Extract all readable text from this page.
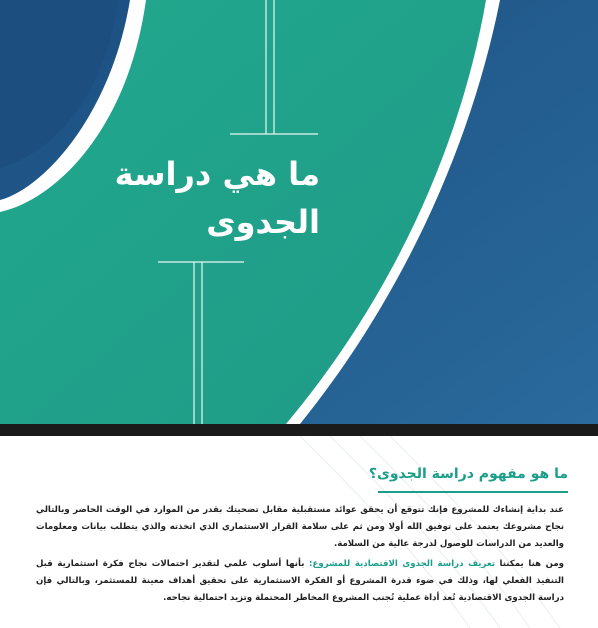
ما هي دراسة
الجدوى
ما هو مفهوم دراسة الجدوى؟

عند بداية إنشاءك للمشروع فإنك تتوقع أن يحقق عوائد مستقبلية مقابل تضحيتك بقدر من الموارد في الوقت الحاضر وبالتالي نجاح مشروعك يعتمد على توفيق الله أولا ومن ثم على سلامة القرار الاستثماري الذي اتخذته والذي يتطلب بيانات ومعلومات والعديد من الدراسات للوصول لدرجة عالية من السلامة.

ومن هنا يمكننا تعريف دراسة الجدوى الاقتصادية للمشروع: بأنها أسلوب علمي لتقدير احتمالات نجاح فكرة استثمارية قبل التنفيذ الفعلي لها، وذلك في ضوء قدرة المشروع أو الفكرة الاستثمارية على تحقيق أهداف معينة للمستثمر، وبالتالي فإن دراسة الجدوى الاقتصادية تُعد أداة عملية تُجنب المشروع المخاطر المحتملة وتزيد احتمالية نجاحه.
